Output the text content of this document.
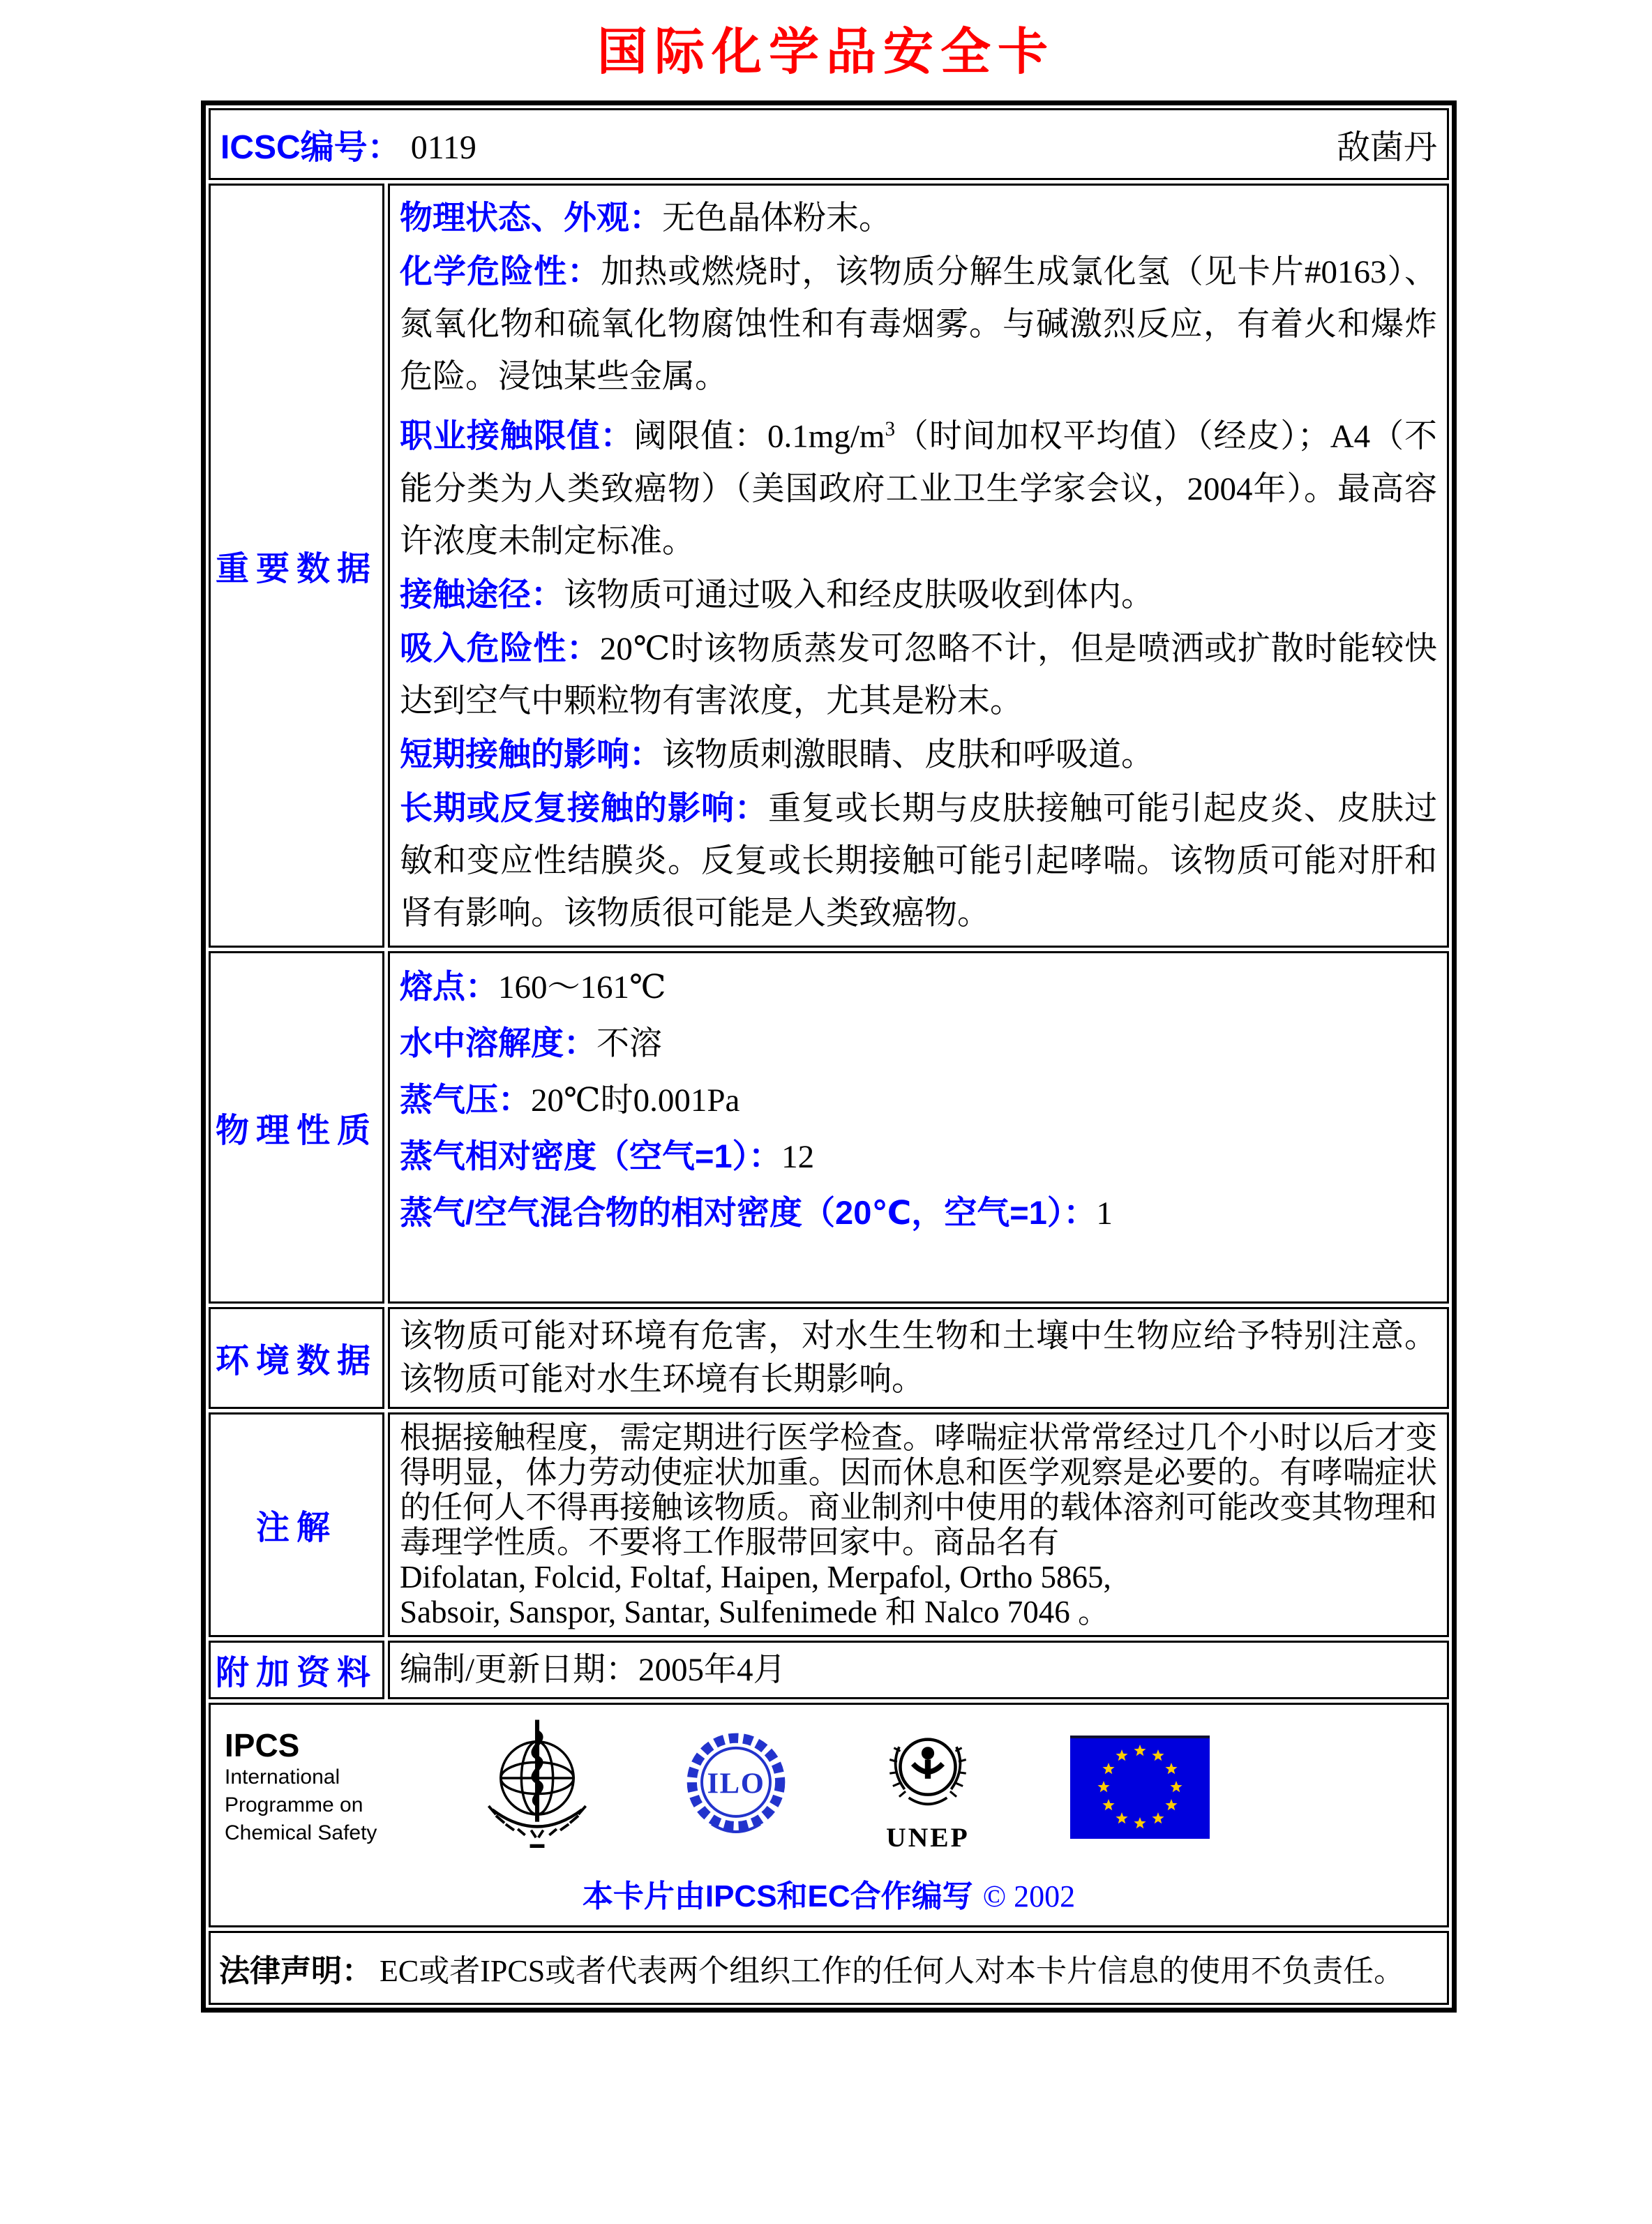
国际化学品安全卡
ICSC编号： 0119	敌菌丹
重要数据
物理状态、外观：无色晶体粉末。
化学危险性：加热或燃烧时，该物质分解生成氯化氢（见卡片#0163）、氮氧化物和硫氧化物腐蚀性和有毒烟雾。与碱激烈反应，有着火和爆炸危险。浸蚀某些金属。
职业接触限值：阈限值：$0.1mg/m^3$（时间加权平均值）（经皮）；A4（不能分类为人类致癌物）（美国政府工业卫生学家会议，2004年）。最高容许浓度未制定标准。
接触途径：该物质可通过吸入和经皮肤吸收到体内。
吸入危险性：20℃时该物质蒸发可忽略不计，但是喷洒或扩散时能较快达到空气中颗粒物有害浓度，尤其是粉末。
短期接触的影响：该物质刺激眼睛、皮肤和呼吸道。
长期或反复接触的影响：重复或长期与皮肤接触可能引起皮炎、皮肤过敏和变应性结膜炎。反复或长期接触可能引起哮喘。该物质可能对肝和肾有影响。该物质很可能是人类致癌物。
物理性质
熔点：160～161℃
水中溶解度：不溶
蒸气压：20℃时0.001Pa
蒸气相对密度（空气=1）：12
蒸气/空气混合物的相对密度（20℃，空气=1）：1
环境数据
该物质可能对环境有危害，对水生生物和土壤中生物应给予特别注意。该物质可能对水生环境有长期影响。
注解
根据接触程度，需定期进行医学检查。哮喘症状常常经过几个小时以后才变得明显，体力劳动使症状加重。因而休息和医学观察是必要的。有哮喘症状的任何人不得再接触该物质。商业制剂中使用的载体溶剂可能改变其物理和毒理学性质。不要将工作服带回家中。商品名有
Difolatan, Folcid, Foltaf, Haipen, Merpafol, Ortho 5865,
Sabsoir, Sanspor, Santar, Sulfenimede 和 Nalco 7046 。
附加资料 编制/更新日期：2005年4月
IPCS
International
Programme on
Chemical Safety
ILO
UNEP
本卡片由IPCS和EC合作编写 © 2002
法律声明： EC或者IPCS或者代表两个组织工作的任何人对本卡片信息的使用不负责任。
